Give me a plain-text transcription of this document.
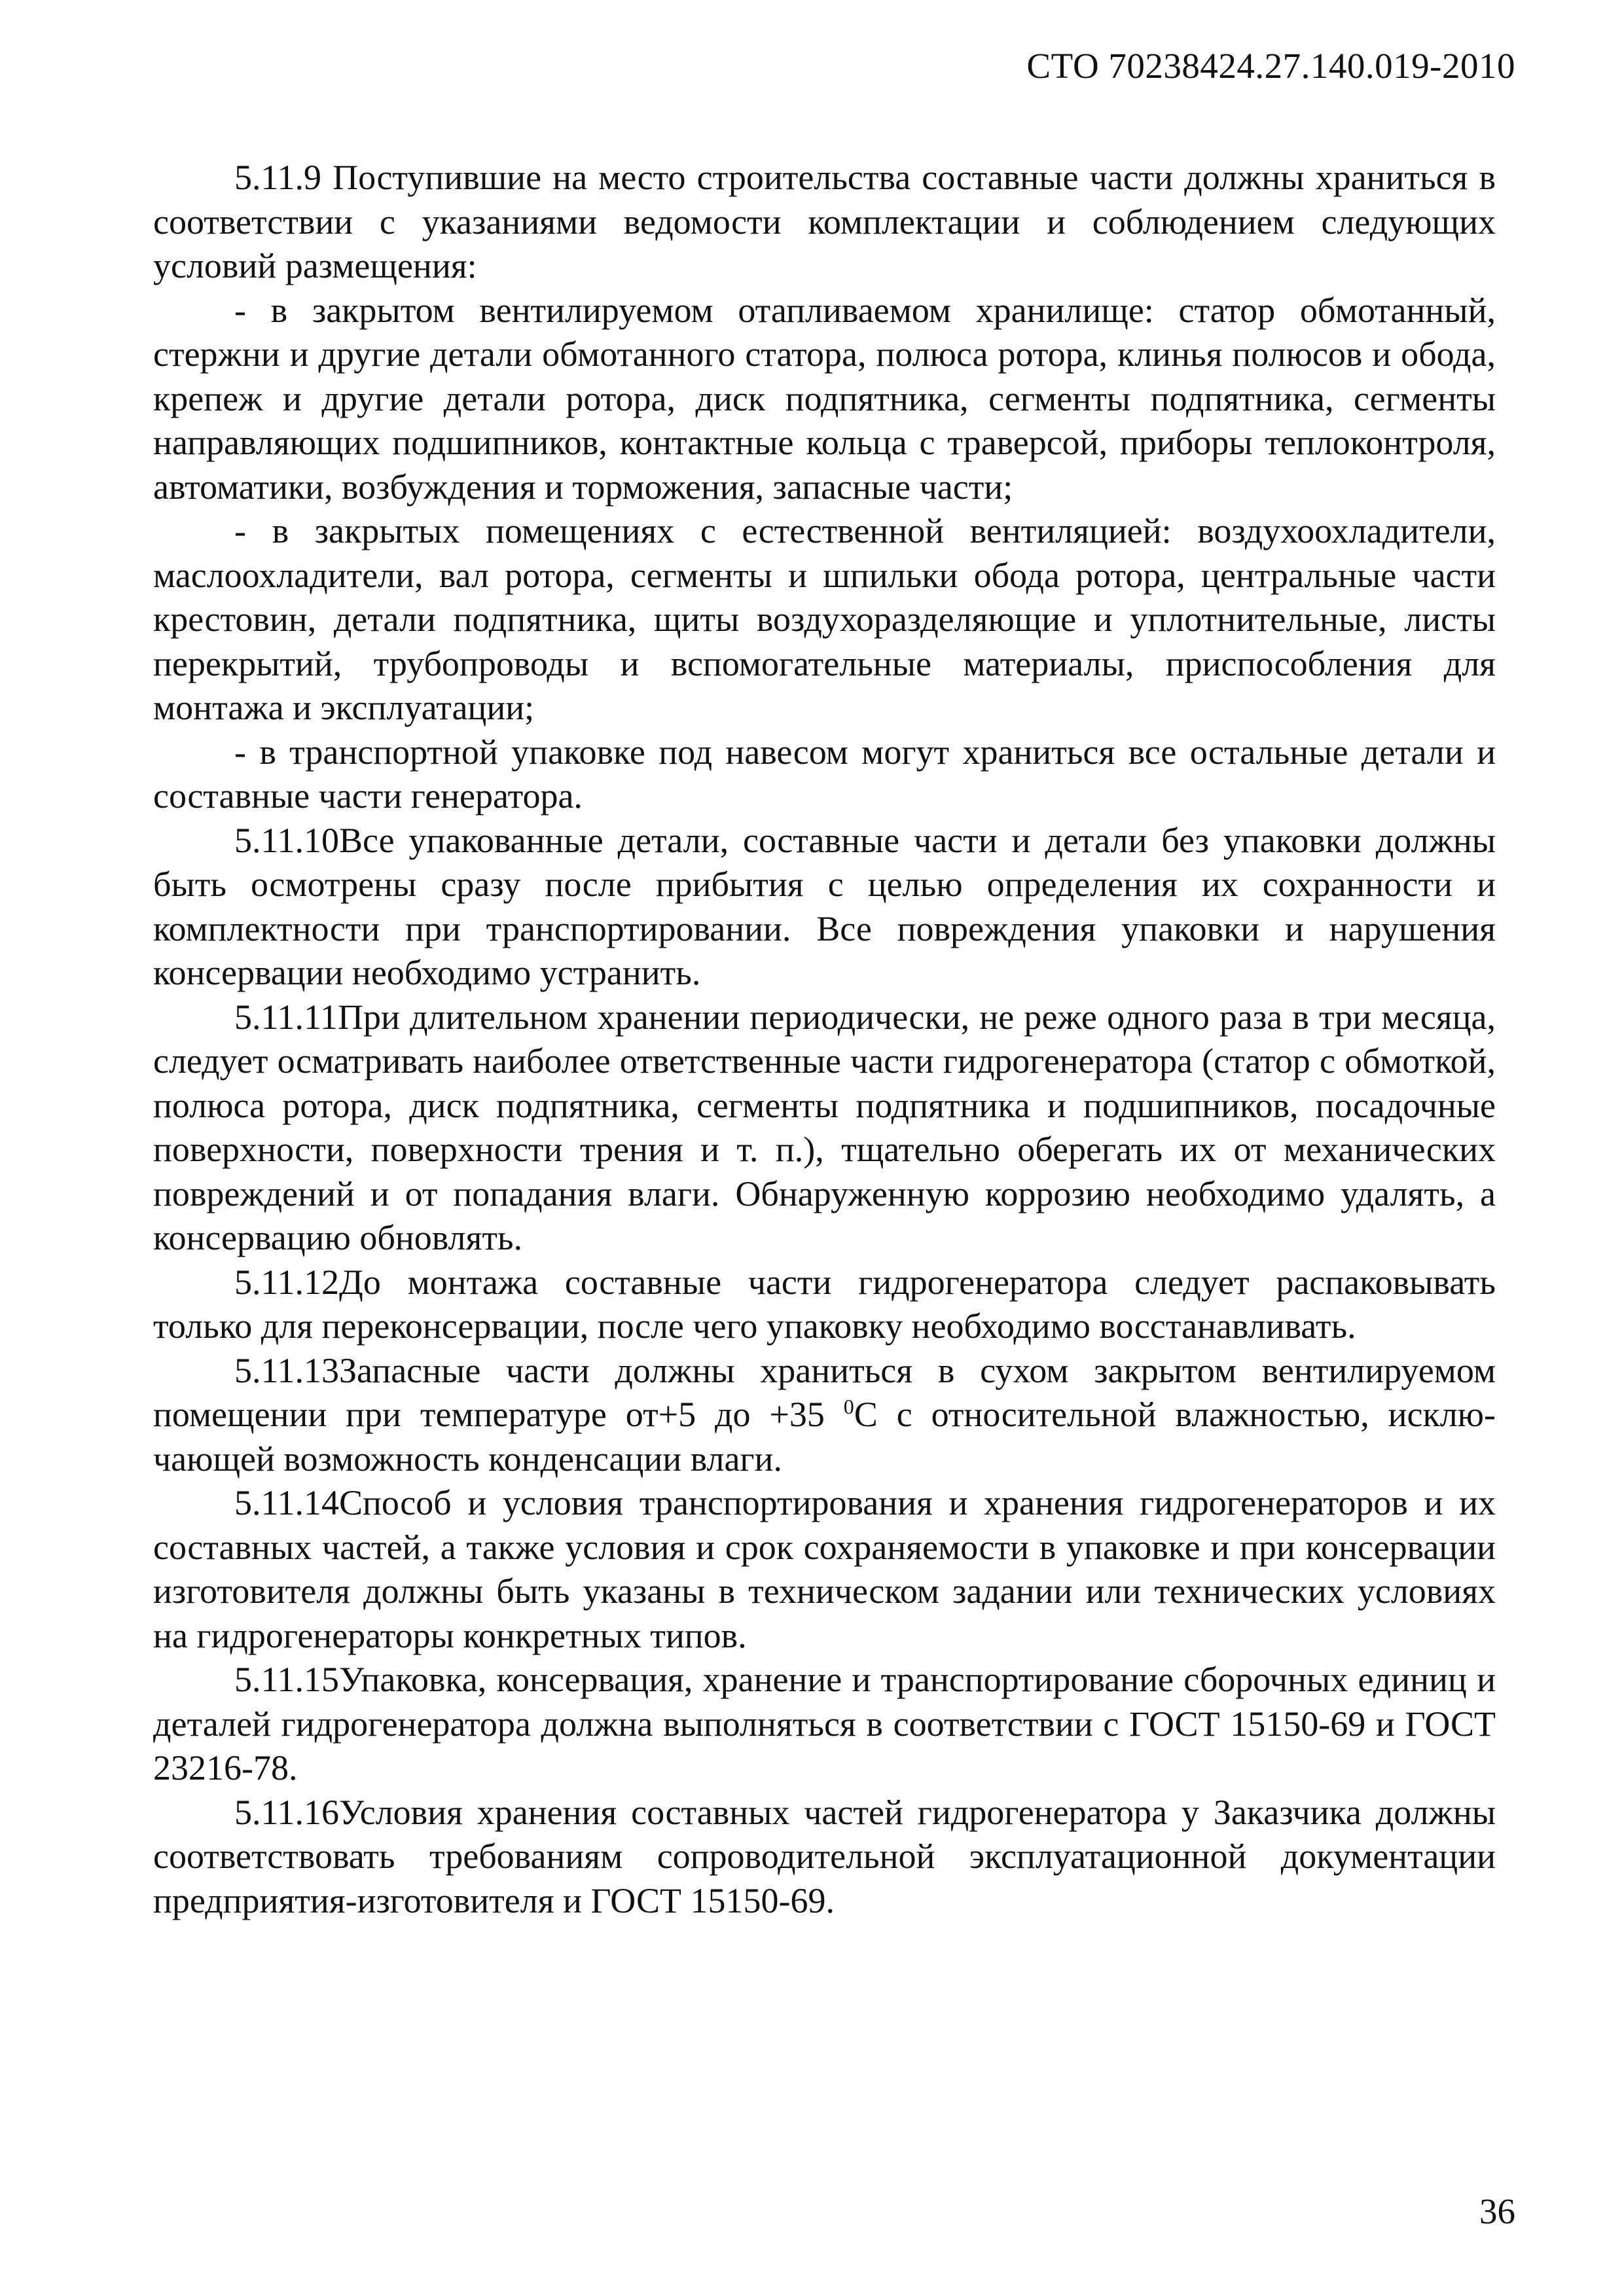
СТО 70238424.27.140.019-2010

5.11.9 Поступившие на место строительства составные части должны храниться в соответствии с указаниями ведомости комплектации и соблюдением следующих условий размещения:

- в закрытом вентилируемом отапливаемом хранилище: статор обмотанный, стержни и другие детали обмотанного статора, полюса ротора, клинья полюсов и обода, крепеж и другие детали ротора, диск подпятника, сегменты подпятника, сегменты направляющих подшипников, контактные кольца с траверсой, приборы теплоконтроля, автоматики, возбуждения и торможения, запасные части;

- в закрытых помещениях с естественной вентиляцией: воздухоохладители, маслоохладители, вал ротора, сегменты и шпильки обода ротора, центральные части крестовин, детали подпятника, щиты воздухоразделяющие и уплотнительные, листы перекрытий, трубопроводы и вспомогательные материалы, приспособления для монтажа и эксплуатации;

- в транспортной упаковке под навесом могут храниться все остальные детали и составные части генератора.

5.11.10Все упакованные детали, составные части и детали без упаковки должны быть осмотрены сразу после прибытия с целью определения их сохранности и комплектности при транспортировании. Все повреждения упаковки и нарушения консервации необходимо устранить.

5.11.11При длительном хранении периодически, не реже одного раза в три месяца, следует осматривать наиболее ответственные части гидрогенератора (статор с обмоткой, полюса ротора, диск подпятника, сегменты подпятника и подшипников, посадочные поверхности, поверхности трения и т. п.), тщательно оберегать их от механических повреждений и от попадания влаги. Обнаруженную коррозию необходимо удалять, а консервацию обновлять.

5.11.12До монтажа составные части гидрогенератора следует распаковывать только для переконсервации, после чего упаковку необходимо восстанавливать.

5.11.13Запасные части должны храниться в сухом закрытом вентилируемом помещении при температуре от+5 до +35 $^0$С с относительной влажностью, исключающей возможность конденсации влаги.

5.11.14Способ и условия транспортирования и хранения гидрогенераторов и их составных частей, а также условия и срок сохраняемости в упаковке и при консервации изготовителя должны быть указаны в техническом задании или технических условиях на гидрогенераторы конкретных типов.

5.11.15Упаковка, консервация, хранение и транспортирование сборочных единиц и деталей гидрогенератора должна выполняться в соответствии с ГОСТ 15150-69 и ГОСТ 23216-78.

5.11.16Условия хранения составных частей гидрогенератора у Заказчика должны соответствовать требованиям сопроводительной эксплуатационной документации предприятия-изготовителя и ГОСТ 15150-69.

36
